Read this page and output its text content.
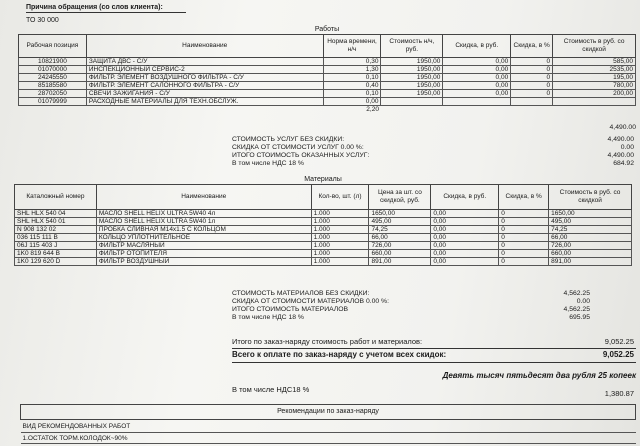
Причина обращения (со слов клиента):
ТО 30 000
Работы						
Рабочая позиция	Наименование	Норма времени, н/ч	Стоимость н/ч, руб.	Скидка, в руб.	Скидка, в %	Стоимость в руб. со скидкой
10821900	ЗАЩИТА ДВС - С/У	0,30	1950,00	0,00	0	585,00
01070000	ИНСПЕКЦИОННЫЙ СЕРВИС-2	1,30	1950,00	0,00	0	2535,00
24245550	ФИЛЬТР. ЭЛЕМЕНТ ВОЗДУШНОГО ФИЛЬТРА - С/У	0,10	1950,00	0,00	0	195,00
85185580	ФИЛЬТР. ЭЛЕМЕНТ САЛОННОГО ФИЛЬТРА - С/У	0,40	1950,00	0,00	0	780,00
28702050	СВЕЧИ ЗАЖИГАНИЯ - С/У	0,10	1950,00	0,00	0	200,00
01079999	РАСХОДНЫЕ МАТЕРИАЛЫ ДЛЯ ТЕХН.ОБСЛУЖ.	0,00				
		2,20				
4,490.00
СТОИМОСТЬ УСЛУГ БЕЗ СКИДКИ:	4,490.00
СКИДКА ОТ СТОИМОСТИ УСЛУГ 0.00 %:	0.00
ИТОГО СТОИМОСТЬ ОКАЗАННЫХ УСЛУГ:	4,490.00
В том числе НДС 18 %	684.92
Материалы						
Каталожный номер	Наименование	Кол-во, шт. (л)	Цена за шт. со скидкой, руб.	Скидка, в руб.	Скидка, в %	Стоимость в руб. со скидкой
SHL HLX 540 04	МАСЛО SHELL HELIX ULTRA 5W40 4л	1.000	1650,00	0,00	0	1650,00
SHL HLX 540 01	МАСЛО SHELL HELIX ULTRA 5W40 1л	1.000	495,00	0,00	0	495,00
N 908 132 02	ПРОБКА СЛИВНАЯ М14х1.5 С КОЛЬЦОМ	1.000	74,25	0,00	0	74,25
036 115 111 B	КОЛЬЦО УПЛОТНИТЕЛЬНОЕ	1.000	66,00	0,00	0	66,00
06J 115 403 J	ФИЛЬТР МАСЛЯНЫЙ	1.000	726,00	0,00	0	726,00
1K0 819 644 B	ФИЛЬТР ОТОПИТЕЛЯ	1.000	660,00	0,00	0	660,00
1K0 129 620 D	ФИЛЬТР ВОЗДУШНЫЙ	1.000	891,00	0,00	0	891,00
СТОИМОСТЬ МАТЕРИАЛОВ БЕЗ СКИДКИ:	4,562.25
СКИДКА ОТ СТОИМОСТИ МАТЕРИАЛОВ 0.00 %:	0.00
ИТОГО СТОИМОСТЬ МАТЕРИАЛОВ	4,562.25
В том числе НДС 18 %	695.95
Итого по заказ-наряду стоимость работ и материалов:	9,052.25
Всего к оплате по заказ-наряду с учетом всех скидок:	9,052.25
Девять тысяч пятьдесят два рубля 25 копеек
В том числе НДС18 %	1,380.87
Рекомендации по заказ-наряду
ВИД РЕКОМЕНДОВАННЫХ РАБОТ
1.ОСТАТОК ТОРМ.КОЛОДОК~90%
